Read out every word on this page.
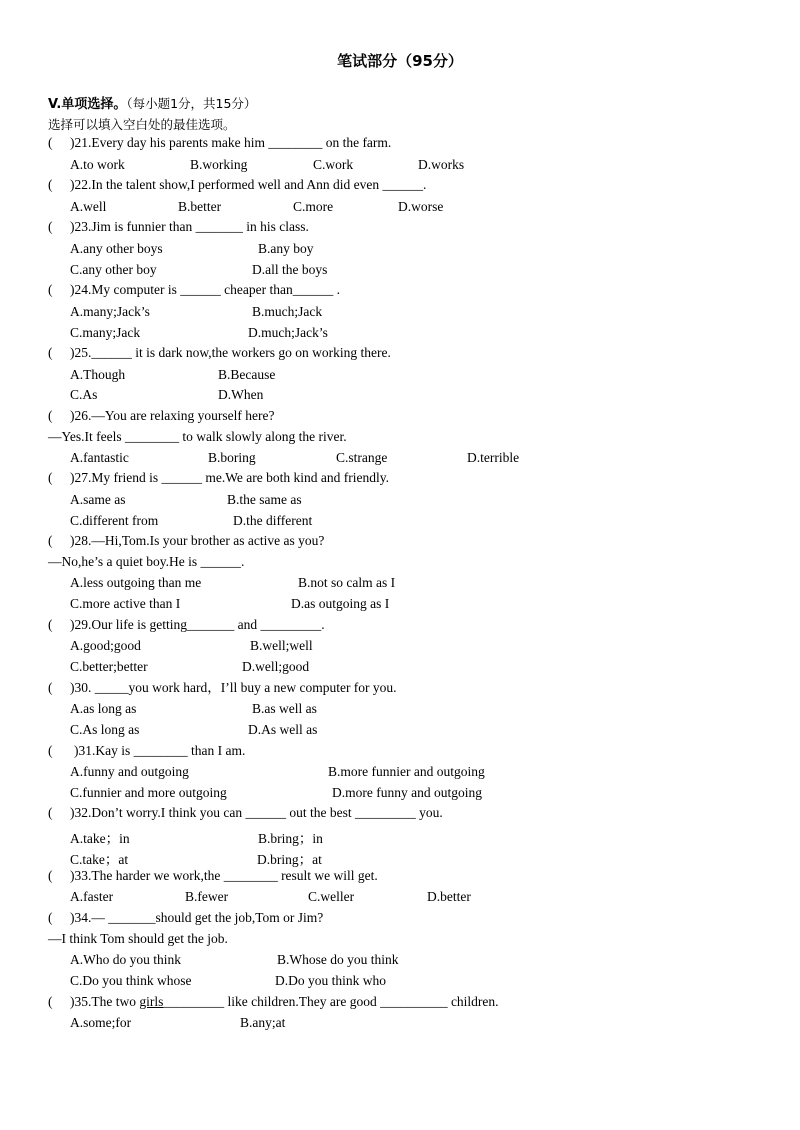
笔试部分（95分）
V.单项选择。（每小题1分，共15分）
选择可以填入空白处的最佳选项。
( )21.Every day his parents make him ________ on the farm.
A.to work	B.working	C.work	D.works
( )22.In the talent show,I performed well and Ann did even ______.
A.well	B.better	C.more	D.worse
( )23.Jim is funnier than _______ in his class.
A.any other boys	B.any boy
C.any other boy	D.all the boys
( )24.My computer is ______ cheaper than______ .
A.many;Jack’s	B.much;Jack
C.many;Jack	D.much;Jack’s
( )25.______ it is dark now,the workers go on working there.
A.Though	B.Because
C.As	D.When
( )26.—You are relaxing yourself here?
—Yes.It feels ________ to walk slowly along the river.
A.fantastic	B.boring	C.strange	D.terrible
( )27.My friend is ______ me.We are both kind and friendly.
A.same as	B.the same as
C.different from	D.the different
( )28.—Hi,Tom.Is your brother as active as you?
—No,he’s a quiet boy.He is ______.
A.less outgoing than me	B.not so calm as I
C.more active than I	D.as outgoing as I
( )29.Our life is getting_______ and _________.
A.good;good	B.well;well
C.better;better	D.well;good
( )30. _____you work hard，I’ll buy a new computer for you.
A.as long as	B.as well as
C.As long as	D.As well as
( )31.Kay is ________ than I am.
A.funny and outgoing	B.more funnier and outgoing
C.funnier and more outgoing	D.more funny and outgoing
( )32.Don’t worry.I think you can ______ out the best _________ you.
A.take；in	B.bring；in
C.take；at	D.bring；at
( )33.The harder we work,the ________ result we will get.
A.faster	B.fewer	C.weller	D.better
( )34.— _______should get the job,Tom or Jim?
—I think Tom should get the job.
A.Who do you think	B.Whose do you think
C.Do you think whose	D.Do you think who
( )35.The two girls_________ like children.They are good __________ children.
A.some;for	B.any;at
